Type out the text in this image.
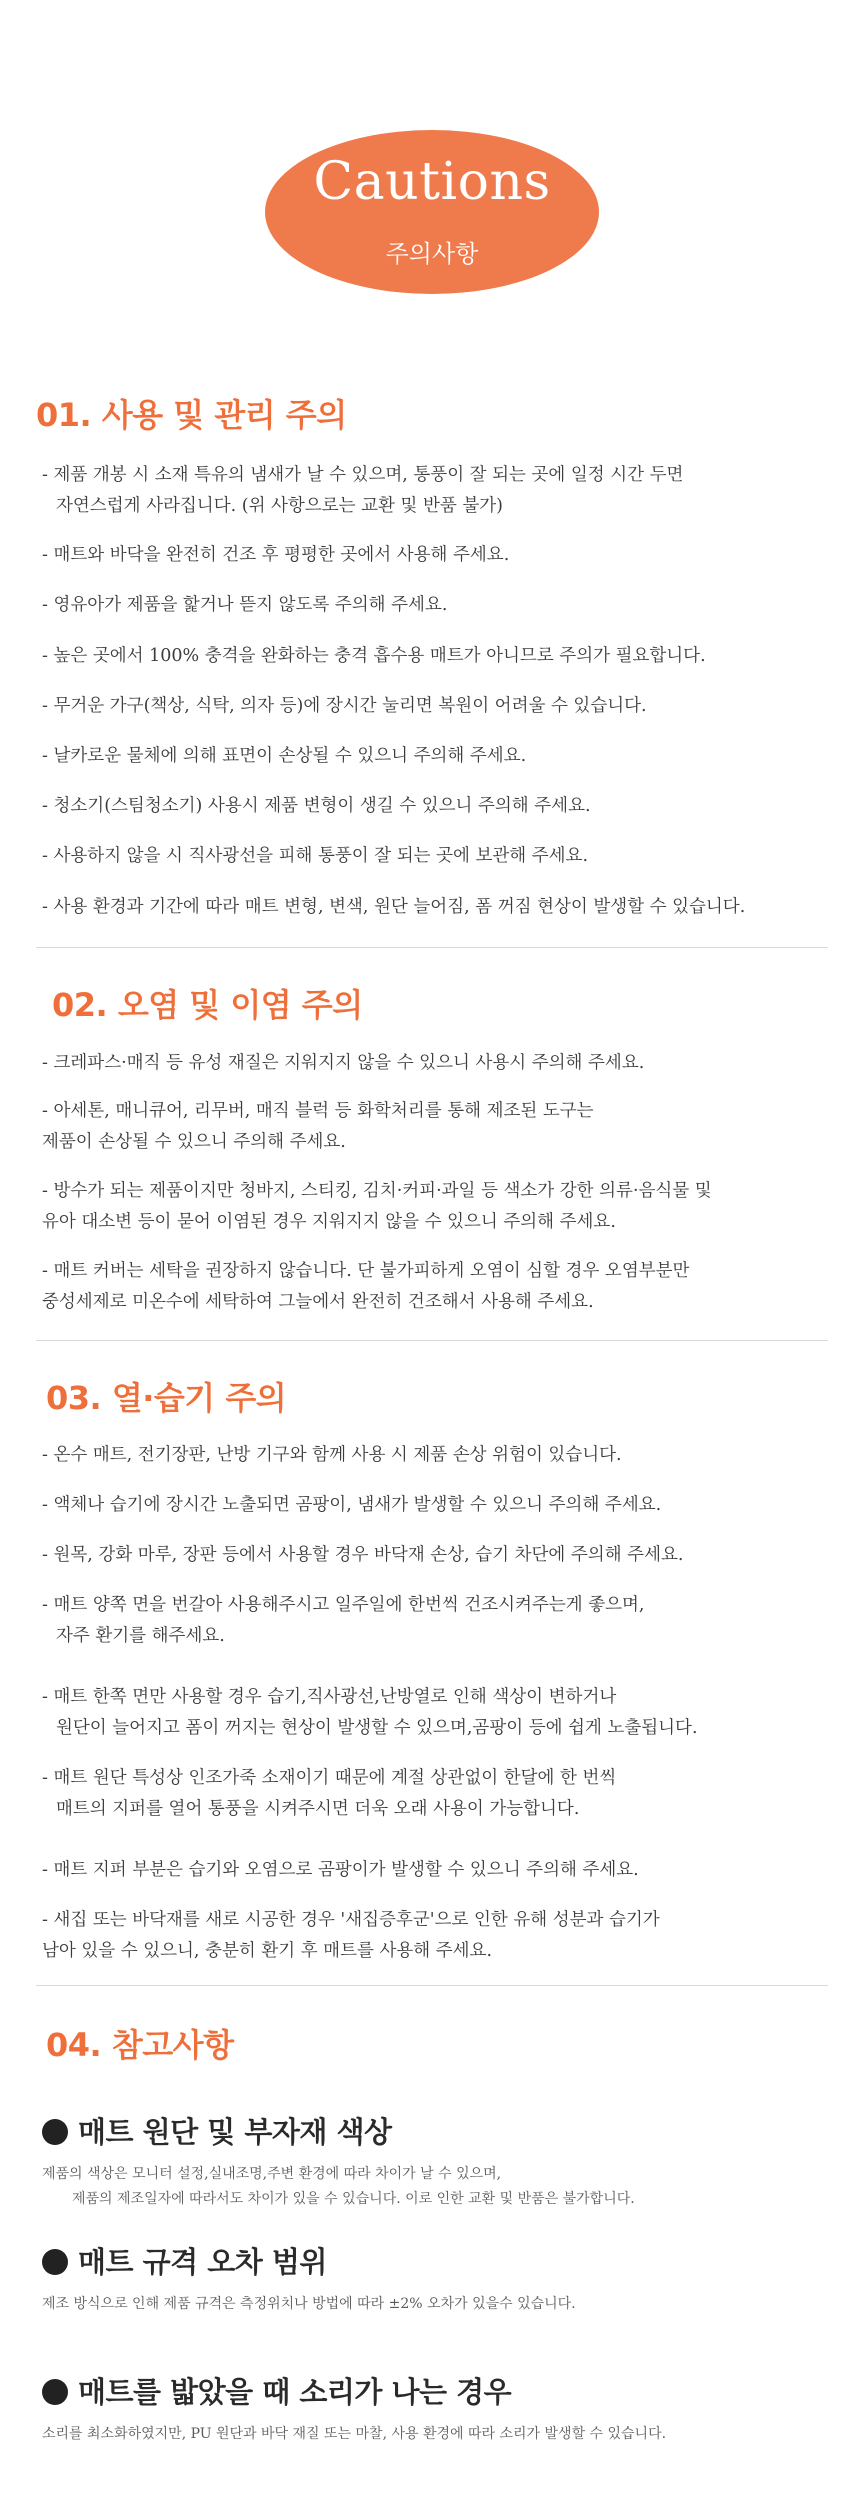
Cautions
주의사항
01. 사용 및 관리 주의

- 제품 개봉 시 소재 특유의 냄새가 날 수 있으며, 통풍이 잘 되는 곳에 일정 시간 두면
자연스럽게 사라집니다. (위 사항으로는 교환 및 반품 불가)

- 매트와 바닥을 완전히 건조 후 평평한 곳에서 사용해 주세요.

- 영유아가 제품을 핥거나 뜯지 않도록 주의해 주세요.

- 높은 곳에서 100% 충격을 완화하는 충격 흡수용 매트가 아니므로 주의가 필요합니다.

- 무거운 가구(책상, 식탁, 의자 등)에 장시간 눌리면 복원이 어려울 수 있습니다.

- 날카로운 물체에 의해 표면이 손상될 수 있으니 주의해 주세요.

- 청소기(스팀청소기) 사용시 제품 변형이 생길 수 있으니 주의해 주세요.

- 사용하지 않을 시 직사광선을 피해 통풍이 잘 되는 곳에 보관해 주세요.

- 사용 환경과 기간에 따라 매트 변형, 변색, 원단 늘어짐, 폼 꺼짐 현상이 발생할 수 있습니다.

02. 오염 및 이염 주의

- 크레파스·매직 등 유성 재질은 지워지지 않을 수 있으니 사용시 주의해 주세요.

- 아세톤, 매니큐어, 리무버, 매직 블럭 등 화학처리를 통해 제조된 도구는
제품이 손상될 수 있으니 주의해 주세요.

- 방수가 되는 제품이지만 청바지, 스티킹, 김치·커피·과일 등 색소가 강한 의류·음식물 및
유아 대소변 등이 묻어 이염된 경우 지워지지 않을 수 있으니 주의해 주세요.

- 매트 커버는 세탁을 권장하지 않습니다. 단 불가피하게 오염이 심할 경우 오염부분만
중성세제로 미온수에 세탁하여 그늘에서 완전히 건조해서 사용해 주세요.

03. 열·습기 주의

- 온수 매트, 전기장판, 난방 기구와 함께 사용 시 제품 손상 위험이 있습니다.

- 액체나 습기에 장시간 노출되면 곰팡이, 냄새가 발생할 수 있으니 주의해 주세요.

- 원목, 강화 마루, 장판 등에서 사용할 경우 바닥재 손상, 습기 차단에 주의해 주세요.

- 매트 양쪽 면을 번갈아 사용해주시고 일주일에 한번씩 건조시켜주는게 좋으며,
자주 환기를 해주세요.

- 매트 한쪽 면만 사용할 경우 습기,직사광선,난방열로 인해 색상이 변하거나
원단이 늘어지고 폼이 꺼지는 현상이 발생할 수 있으며,곰팡이 등에 쉽게 노출됩니다.

- 매트 원단 특성상 인조가죽 소재이기 때문에 계절 상관없이 한달에 한 번씩
매트의 지퍼를 열어 통풍을 시켜주시면 더욱 오래 사용이 가능합니다.

- 매트 지퍼 부분은 습기와 오염으로 곰팡이가 발생할 수 있으니 주의해 주세요.

- 새집 또는 바닥재를 새로 시공한 경우 '새집증후군'으로 인한 유해 성분과 습기가
남아 있을 수 있으니, 충분히 환기 후 매트를 사용해 주세요.

04. 참고사항
매트 원단 및 부자재 색상

제품의 색상은 모니터 설정,실내조명,주변 환경에 따라 차이가 날 수 있으며,
제품의 제조일자에 따라서도 차이가 있을 수 있습니다. 이로 인한 교환 및 반품은 불가합니다.

매트 규격 오차 범위

제조 방식으로 인해 제품 규격은 측정위치나 방법에 따라 ±2% 오차가 있을수 있습니다.

매트를 밟았을 때 소리가 나는 경우

소리를 최소화하였지만, PU 원단과 바닥 재질 또는 마찰, 사용 환경에 따라 소리가 발생할 수 있습니다.
